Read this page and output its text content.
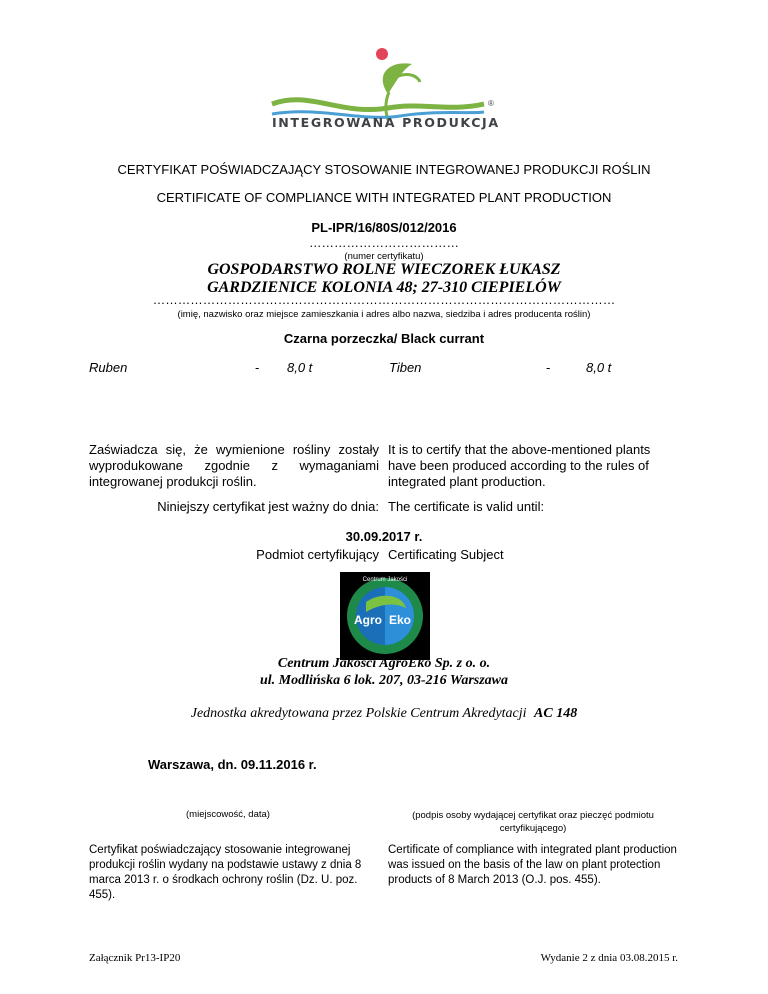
®
INTEGROWANA PRODUKCJA
CERTYFIKAT POŚWIADCZAJĄCY STOSOWANIE INTEGROWANEJ PRODUKCJI ROŚLIN
CERTIFICATE OF COMPLIANCE WITH INTEGRATED PLANT PRODUCTION
PL-IPR/16/80S/012/2016
………………………………
(numer certyfikatu)
GOSPODARSTWO ROLNE WIECZOREK ŁUKASZ
GARDZIENICE KOLONIA 48; 27-310 CIEPIELÓW
…………………………………………………………………………………………………
(imię, nazwisko oraz miejsce zamieszkania i adres albo nazwa, siedziba i adres producenta roślin)
Czarna porzeczka/ Black currant
Ruben	- 8,0 t	Tiben	-	8,0 t
Zaświadcza się, że wymienione rośliny zostały wyprodukowane zgodnie z wymaganiami integrowanej produkcji roślin.
It is to certify that the above-mentioned plants have been produced according to the rules of integrated plant production.
Niniejszy certyfikat jest ważny do dnia: The certificate is valid until:
30.09.2017 r.
Podmiot certyfikujący Certificating Subject
Centrum Jakości
Agro Eko
Centrum Jakości AgroEko Sp. z o. o.
ul. Modlińska 6 lok. 207, 03-216 Warszawa
Jednostka akredytowana przez Polskie Centrum Akredytacji AC 148
Warszawa, dn. 09.11.2016 r.
(miejscowość, data)	(podpis osoby wydającej certyfikat oraz pieczęć podmiotu certyfikującego)
Certyfikat poświadczający stosowanie integrowanej produkcji roślin wydany na podstawie ustawy z dnia 8 marca 2013 r. o środkach ochrony roślin (Dz. U. poz. 455).
Certificate of compliance with integrated plant production was issued on the basis of the law on plant protection products of 8 March 2013 (O.J. pos. 455).
Załącznik Pr13-IP20	Wydanie 2 z dnia 03.08.2015 r.
